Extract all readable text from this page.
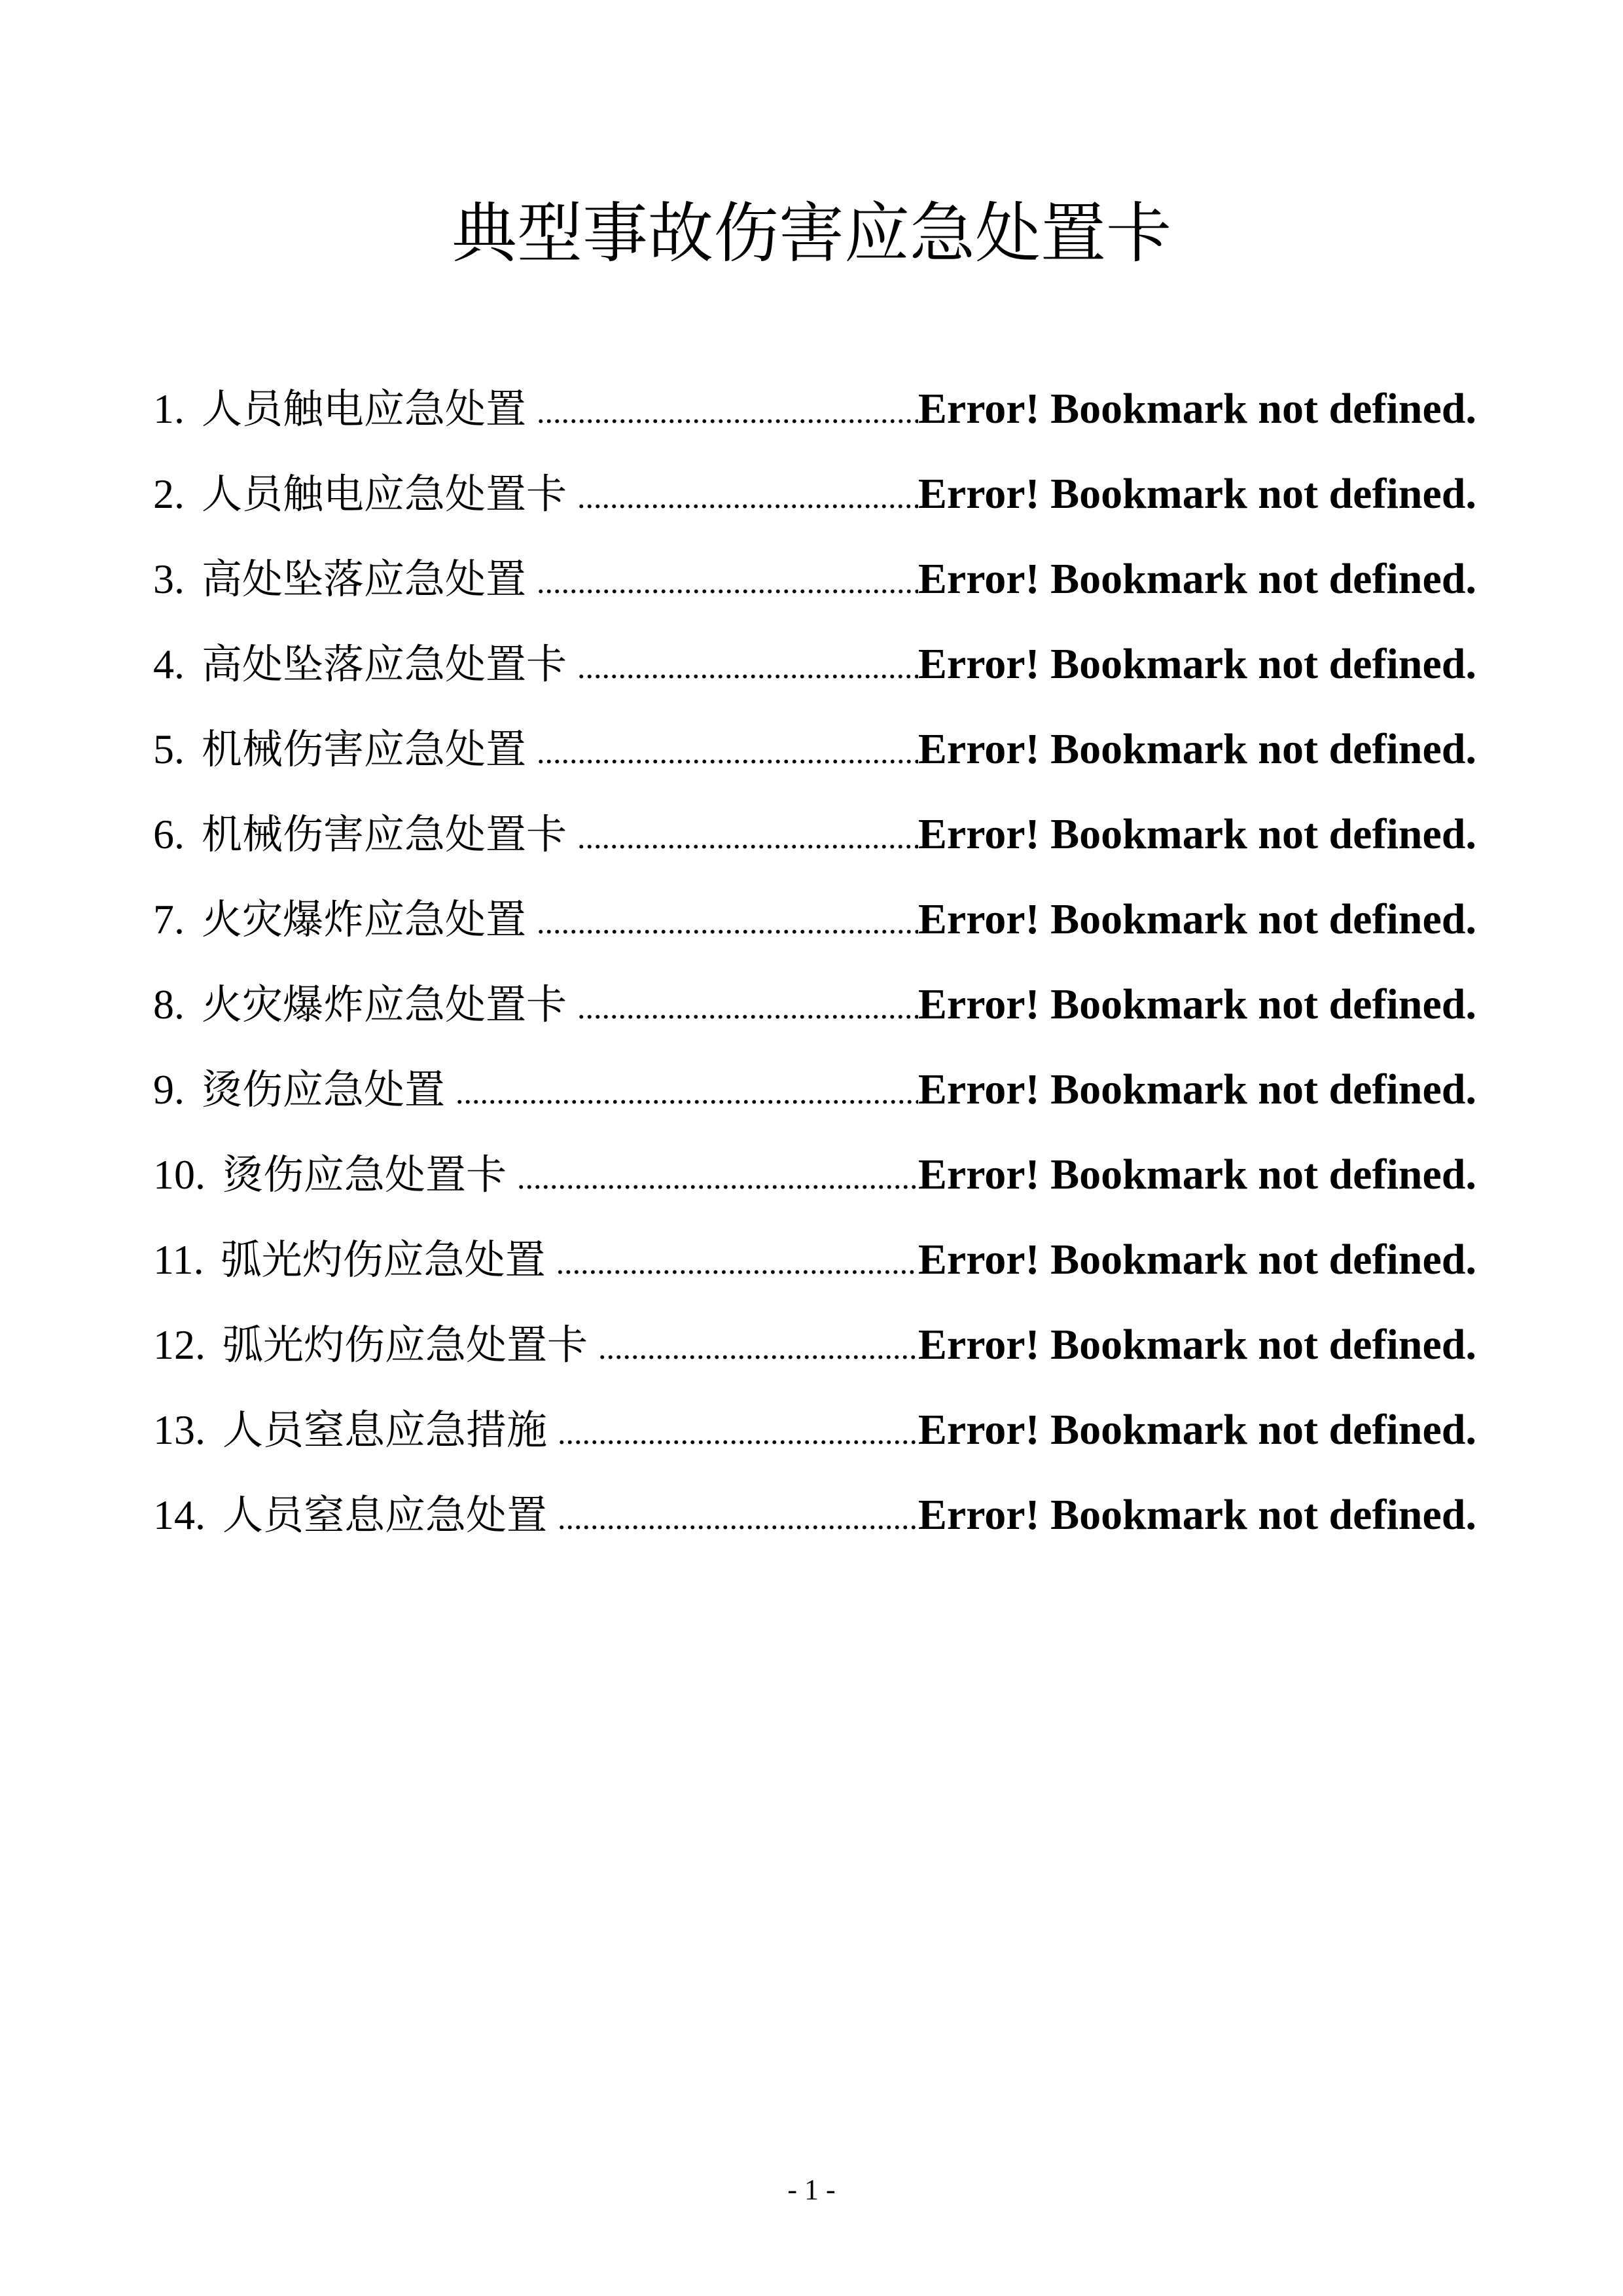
典型事故伤害应急处置卡
1. 人员触电应急处置 .....	Error! Bookmark not defined.
2. 人员触电应急处置卡 .....	Error! Bookmark not defined.
3. 高处坠落应急处置 .....	Error! Bookmark not defined.
4. 高处坠落应急处置卡 .....	Error! Bookmark not defined.
5. 机械伤害应急处置 .....	Error! Bookmark not defined.
6. 机械伤害应急处置卡 .....	Error! Bookmark not defined.
7. 火灾爆炸应急处置 .....	Error! Bookmark not defined.
8. 火灾爆炸应急处置卡 .....	Error! Bookmark not defined.
9. 烫伤应急处置 .....	Error! Bookmark not defined.
10. 烫伤应急处置卡 .....	Error! Bookmark not defined.
11. 弧光灼伤应急处置 .....	Error! Bookmark not defined.
12. 弧光灼伤应急处置卡 .....	Error! Bookmark not defined.
13. 人员窒息应急措施 .....	Error! Bookmark not defined.
14. 人员窒息应急处置 .....	Error! Bookmark not defined.
- 1 -
